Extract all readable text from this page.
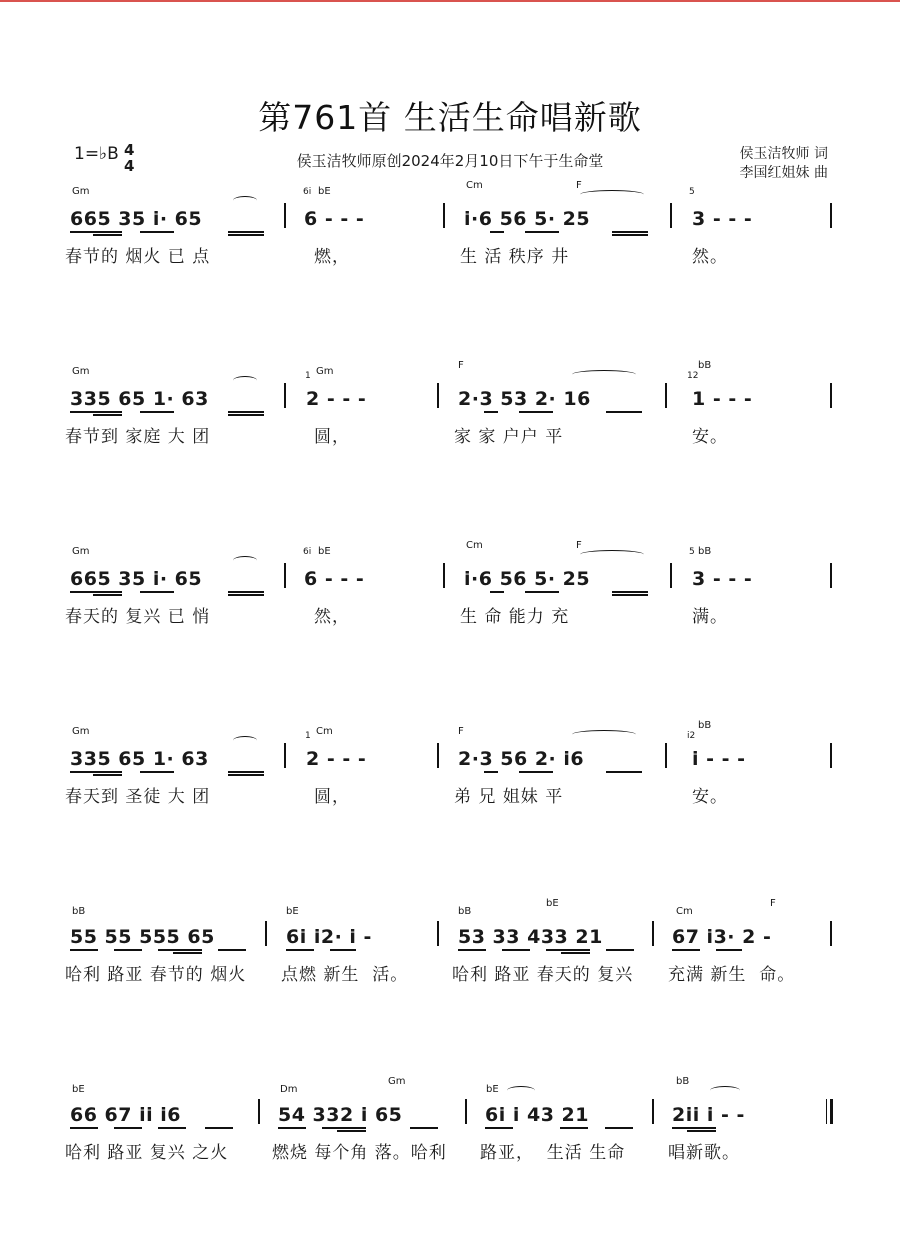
第761首 生活生命唱新歌
1=♭B 4
4	侯玉洁牧师原创2024年2月10日下午于生命堂	侯玉洁牧师 词
李国红姐妹 曲
Gm	bE
Cm	F
6i	5
665 35 i· 65	6 - - -	i·6 56 5· 25	3 - - -
春节的 烟火 已 点	燃，	生 活 秩序 井	然。
Gm	Gm
F	bB
1	12
335 65 1· 63	2 - - -	2·3 53 2· 16	1 - - -
春节到 家庭 大 团	圆，	家 家 户户 平	安。
Gm	bE
Cm	F
bB
6i	5
665 35 i· 65	6 - - -	i·6 56 5· 25	3 - - -
春天的 复兴 已 悄	然，	生 命 能力 充	满。
Gm	Cm	F
bB
1	i2
335 65 1· 63	2 - - -	2·3 56 2· i6	i - - -
春天到 圣徒 大 团	圆，	弟 兄 姐妹 平	安。
bB	bE	bB
bE
Cm
F
55 55 555 65	6i i2· i -	53 33 433 21	67 i3· 2 -
哈利 路亚 春节的 烟火 点燃 新生  活。	哈利 路亚 春天的 复兴 充满 新生  命。
bE	Dm
Gm
bE
bB
66 67 ii i6	54 332 i 65	6i i 43 21	2ii i - -
哈利 路亚 复兴 之火	燃烧 每个角 落。哈利 路亚，  生活 生命	唱新歌。
